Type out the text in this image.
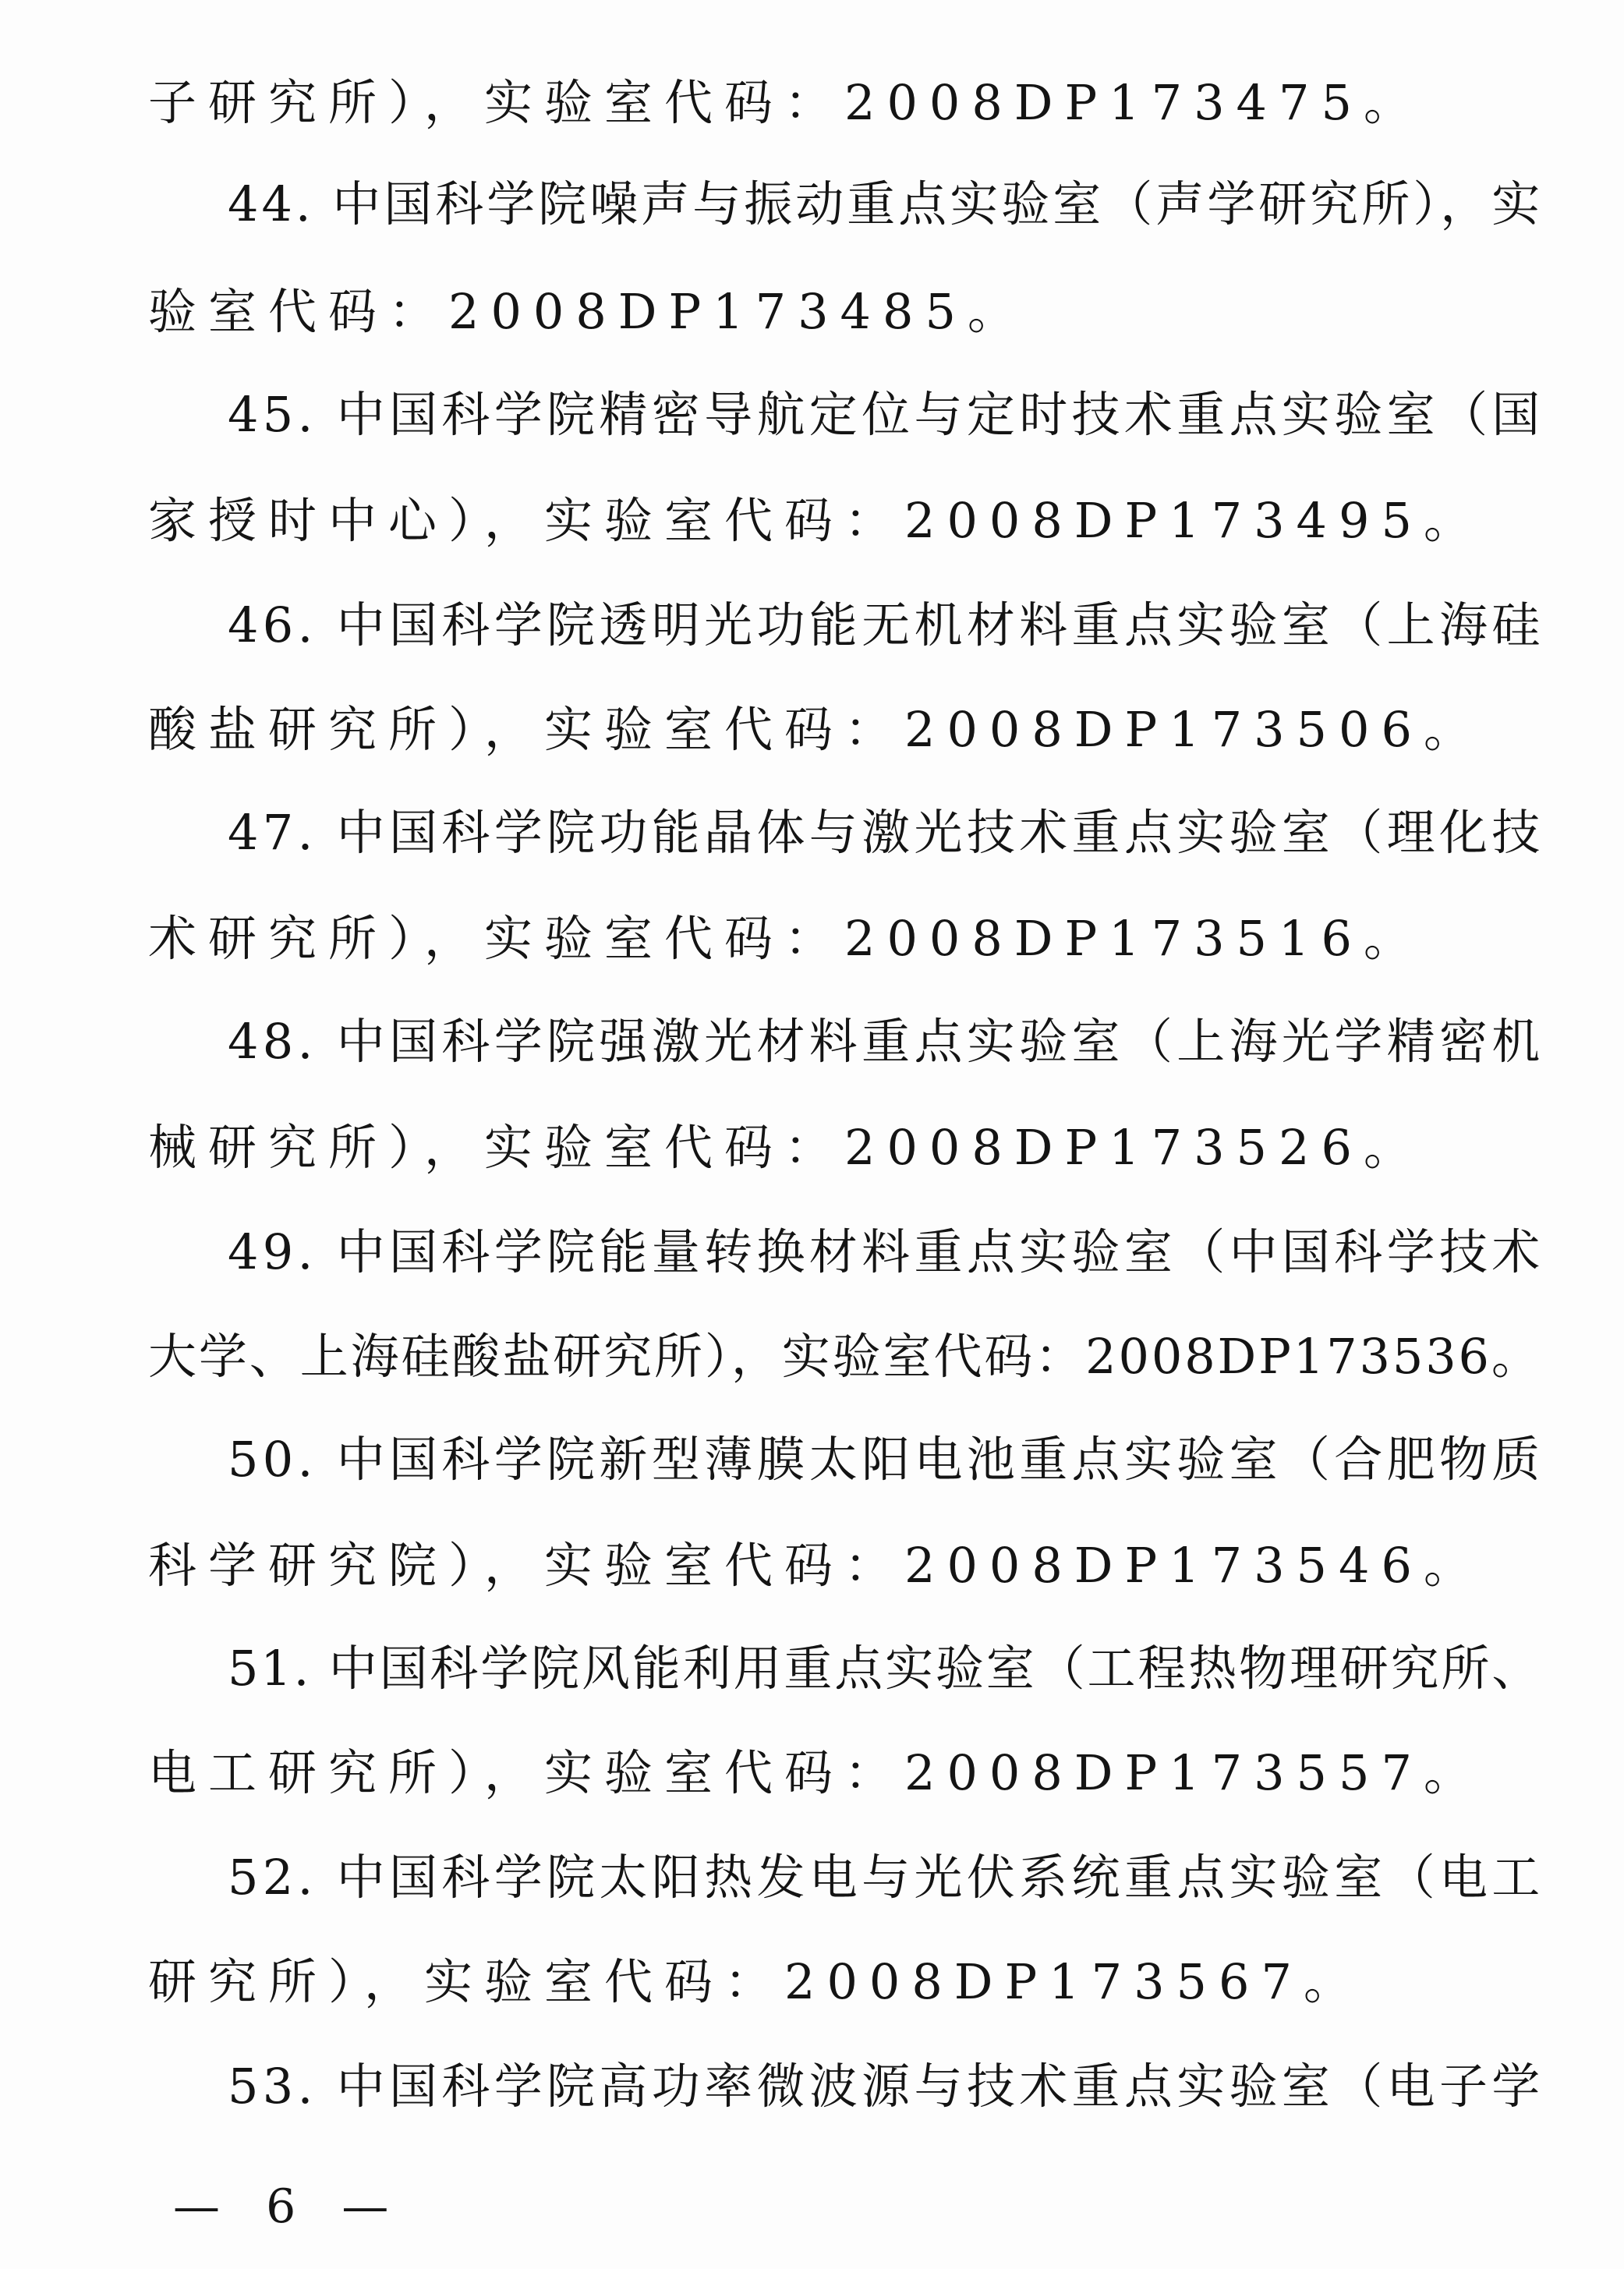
子研究所），实验室代码：2008DP173475。
44. 中国科学院噪声与振动重点实验室（声学研究所），实
验室代码：2008DP173485。
45. 中国科学院精密导航定位与定时技术重点实验室（国
家授时中心），实验室代码：2008DP173495。
46. 中国科学院透明光功能无机材料重点实验室（上海硅
酸盐研究所），实验室代码：2008DP173506。
47. 中国科学院功能晶体与激光技术重点实验室（理化技
术研究所），实验室代码：2008DP173516。
48. 中国科学院强激光材料重点实验室（上海光学精密机
械研究所），实验室代码：2008DP173526。
49. 中国科学院能量转换材料重点实验室（中国科学技术
大学、上海硅酸盐研究所），实验室代码：2008DP173536。
50. 中国科学院新型薄膜太阳电池重点实验室（合肥物质
科学研究院），实验室代码：2008DP173546。
51. 中国科学院风能利用重点实验室（工程热物理研究所、
电工研究所），实验室代码：2008DP173557。
52. 中国科学院太阳热发电与光伏系统重点实验室（电工
研究所），实验室代码：2008DP173567。
53. 中国科学院高功率微波源与技术重点实验室（电子学
— 6 —
